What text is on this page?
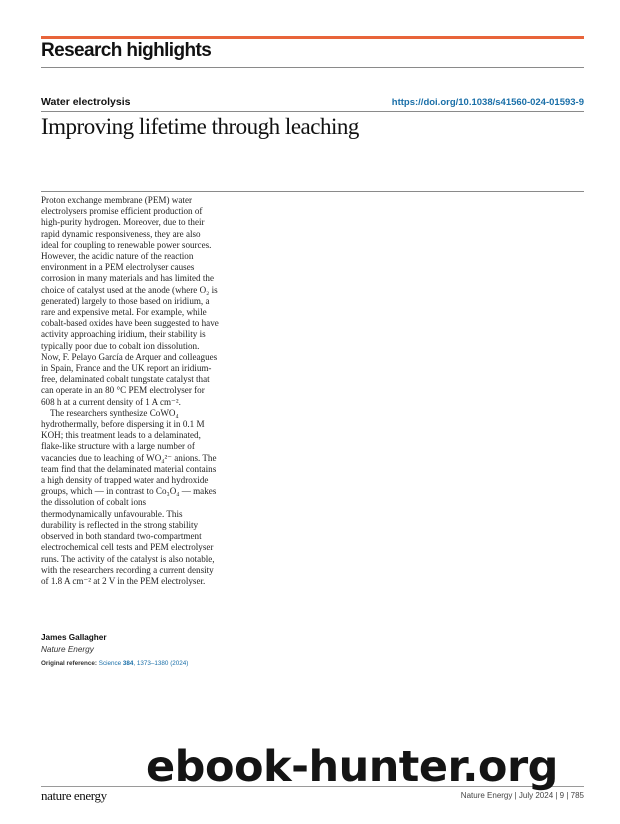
Research highlights
Water electrolysis	https://doi.org/10.1038/s41560-024-01593-9
Improving lifetime through leaching

Proton exchange membrane (PEM) water electrolysers promise efficient production of high-purity hydrogen. Moreover, due to their rapid dynamic responsiveness, they are also ideal for coupling to renewable power sources. However, the acidic nature of the reaction environment in a PEM electrolyser causes corrosion in many materials and has limited the choice of catalyst used at the anode (where O₂ is generated) largely to those based on iridium, a rare and expensive metal. For example, while cobalt-based oxides have been suggested to have activity approaching iridium, their stability is typically poor due to cobalt ion dissolution. Now, F. Pelayo García de Arquer and colleagues in Spain, France and the UK report an iridium-free, delaminated cobalt tungstate catalyst that can operate in an 80 °C PEM electrolyser for 608 h at a current density of 1 A cm⁻².

The researchers synthesize CoWO₄ hydrothermally, before dispersing it in 0.1 M KOH; this treatment leads to a delaminated, flake-like structure with a large number of vacancies due to leaching of WO₄²⁻ anions. The team find that the delaminated material contains a high density of trapped water and hydroxide groups, which — in contrast to Co₃O₄ — makes the dissolution of cobalt ions thermodynamically unfavourable. This durability is reflected in the strong stability observed in both standard two-compartment electrochemical cell tests and PEM electrolyser runs. The activity of the catalyst is also notable, with the researchers recording a current density of 1.8 A cm⁻² at 2 V in the PEM electrolyser.

James Gallagher
Nature Energy
Original reference: Science 384, 1373–1380 (2024)
nature energy	Nature Energy | July 2024 | 9 | 785
ebook-hunter.org
